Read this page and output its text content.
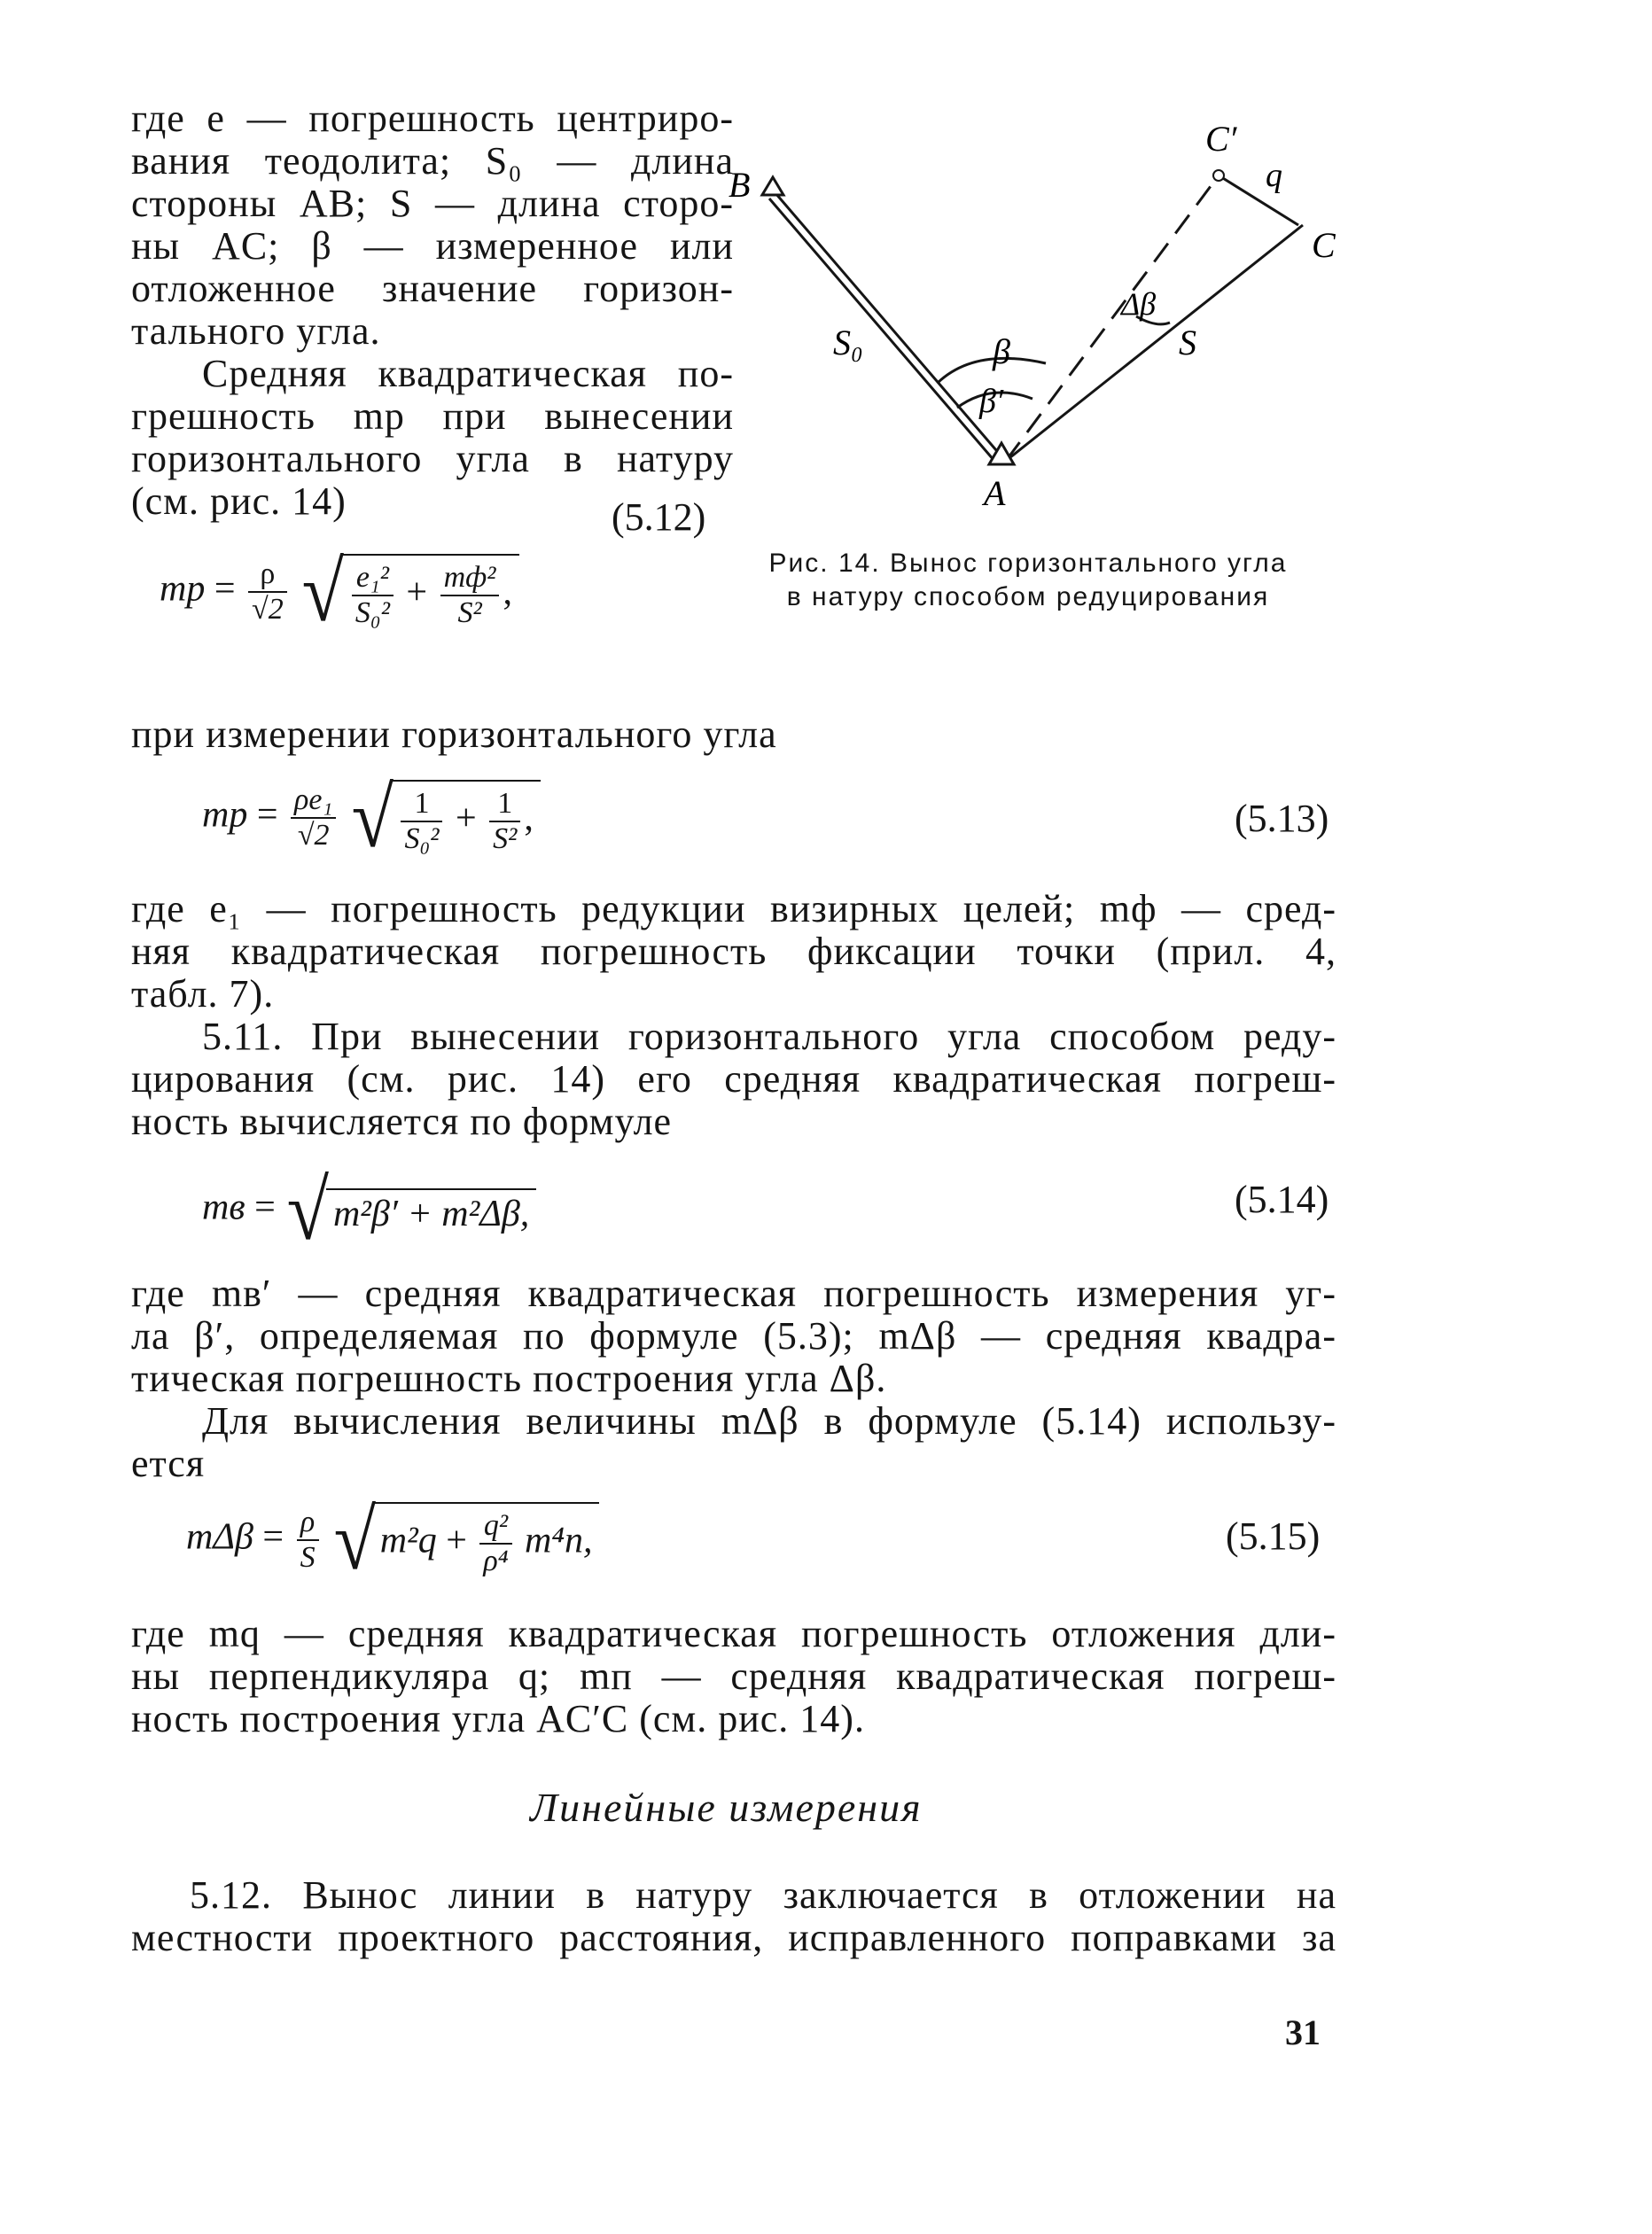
где е — погрешность центриро-

вания теодолита; S₀ — длина

стороны AB; S — длина сторо-

ны AC; β — измеренное или

отложенное значение горизон-

тального угла.

Средняя квадратическая по-

грешность mр при вынесении

горизонтального угла в натуру

(см. рис. 14)	(5.12)
mр = $\frac{\rho}{√2}$ √ $\frac{\text{e₁²}}{\text{S₀²}} + \frac{\text{mф²}}{\text{S²}}$ ,
B
A
C
C′
q
S₀	S
β
β′
Δβ
Рис. 14. Вынос горизонтального угла
в натуру способом редуцирования

при измерении горизонтального угла

mр = $\frac{\text{ρe₁}}{√2}$ √ $\frac{1}{\text{S₀²}} + \frac{1}{\text{S²}}$ ,	(5.13)

где e₁ — погрешность редукции визирных целей; mф — сред-

няя квадратическая погрешность фиксации точки (прил. 4,

табл. 7).

5.11. При вынесении горизонтального угла способом реду-

цирования (см. рис. 14) его средняя квадратическая погреш-

ность вычисляется по формуле

mв = √ m²β′ + m²Δβ,	(5.14)

где mв′ — средняя квадратическая погрешность измерения уг-

ла β′, определяемая по формуле (5.3); mΔβ — средняя квадра-

тическая погрешность построения угла Δβ.

Для вычисления величины mΔβ в формуле (5.14) использу-

ется

$m\Delta\beta = \frac{\rho}{S}$ √ $m^2q + \frac{\text{q²}}{\text{ρ⁴}} m^4п$,	(5.15)

где mq — средняя квадратическая погрешность отложения дли-

ны перпендикуляра q; mп — средняя квадратическая погреш-

ность построения угла AC′C (см. рис. 14).

Линейные измерения

5.12. Вынос линии в натуру заключается в отложении на

местности проектного расстояния, исправленного поправками за

31
